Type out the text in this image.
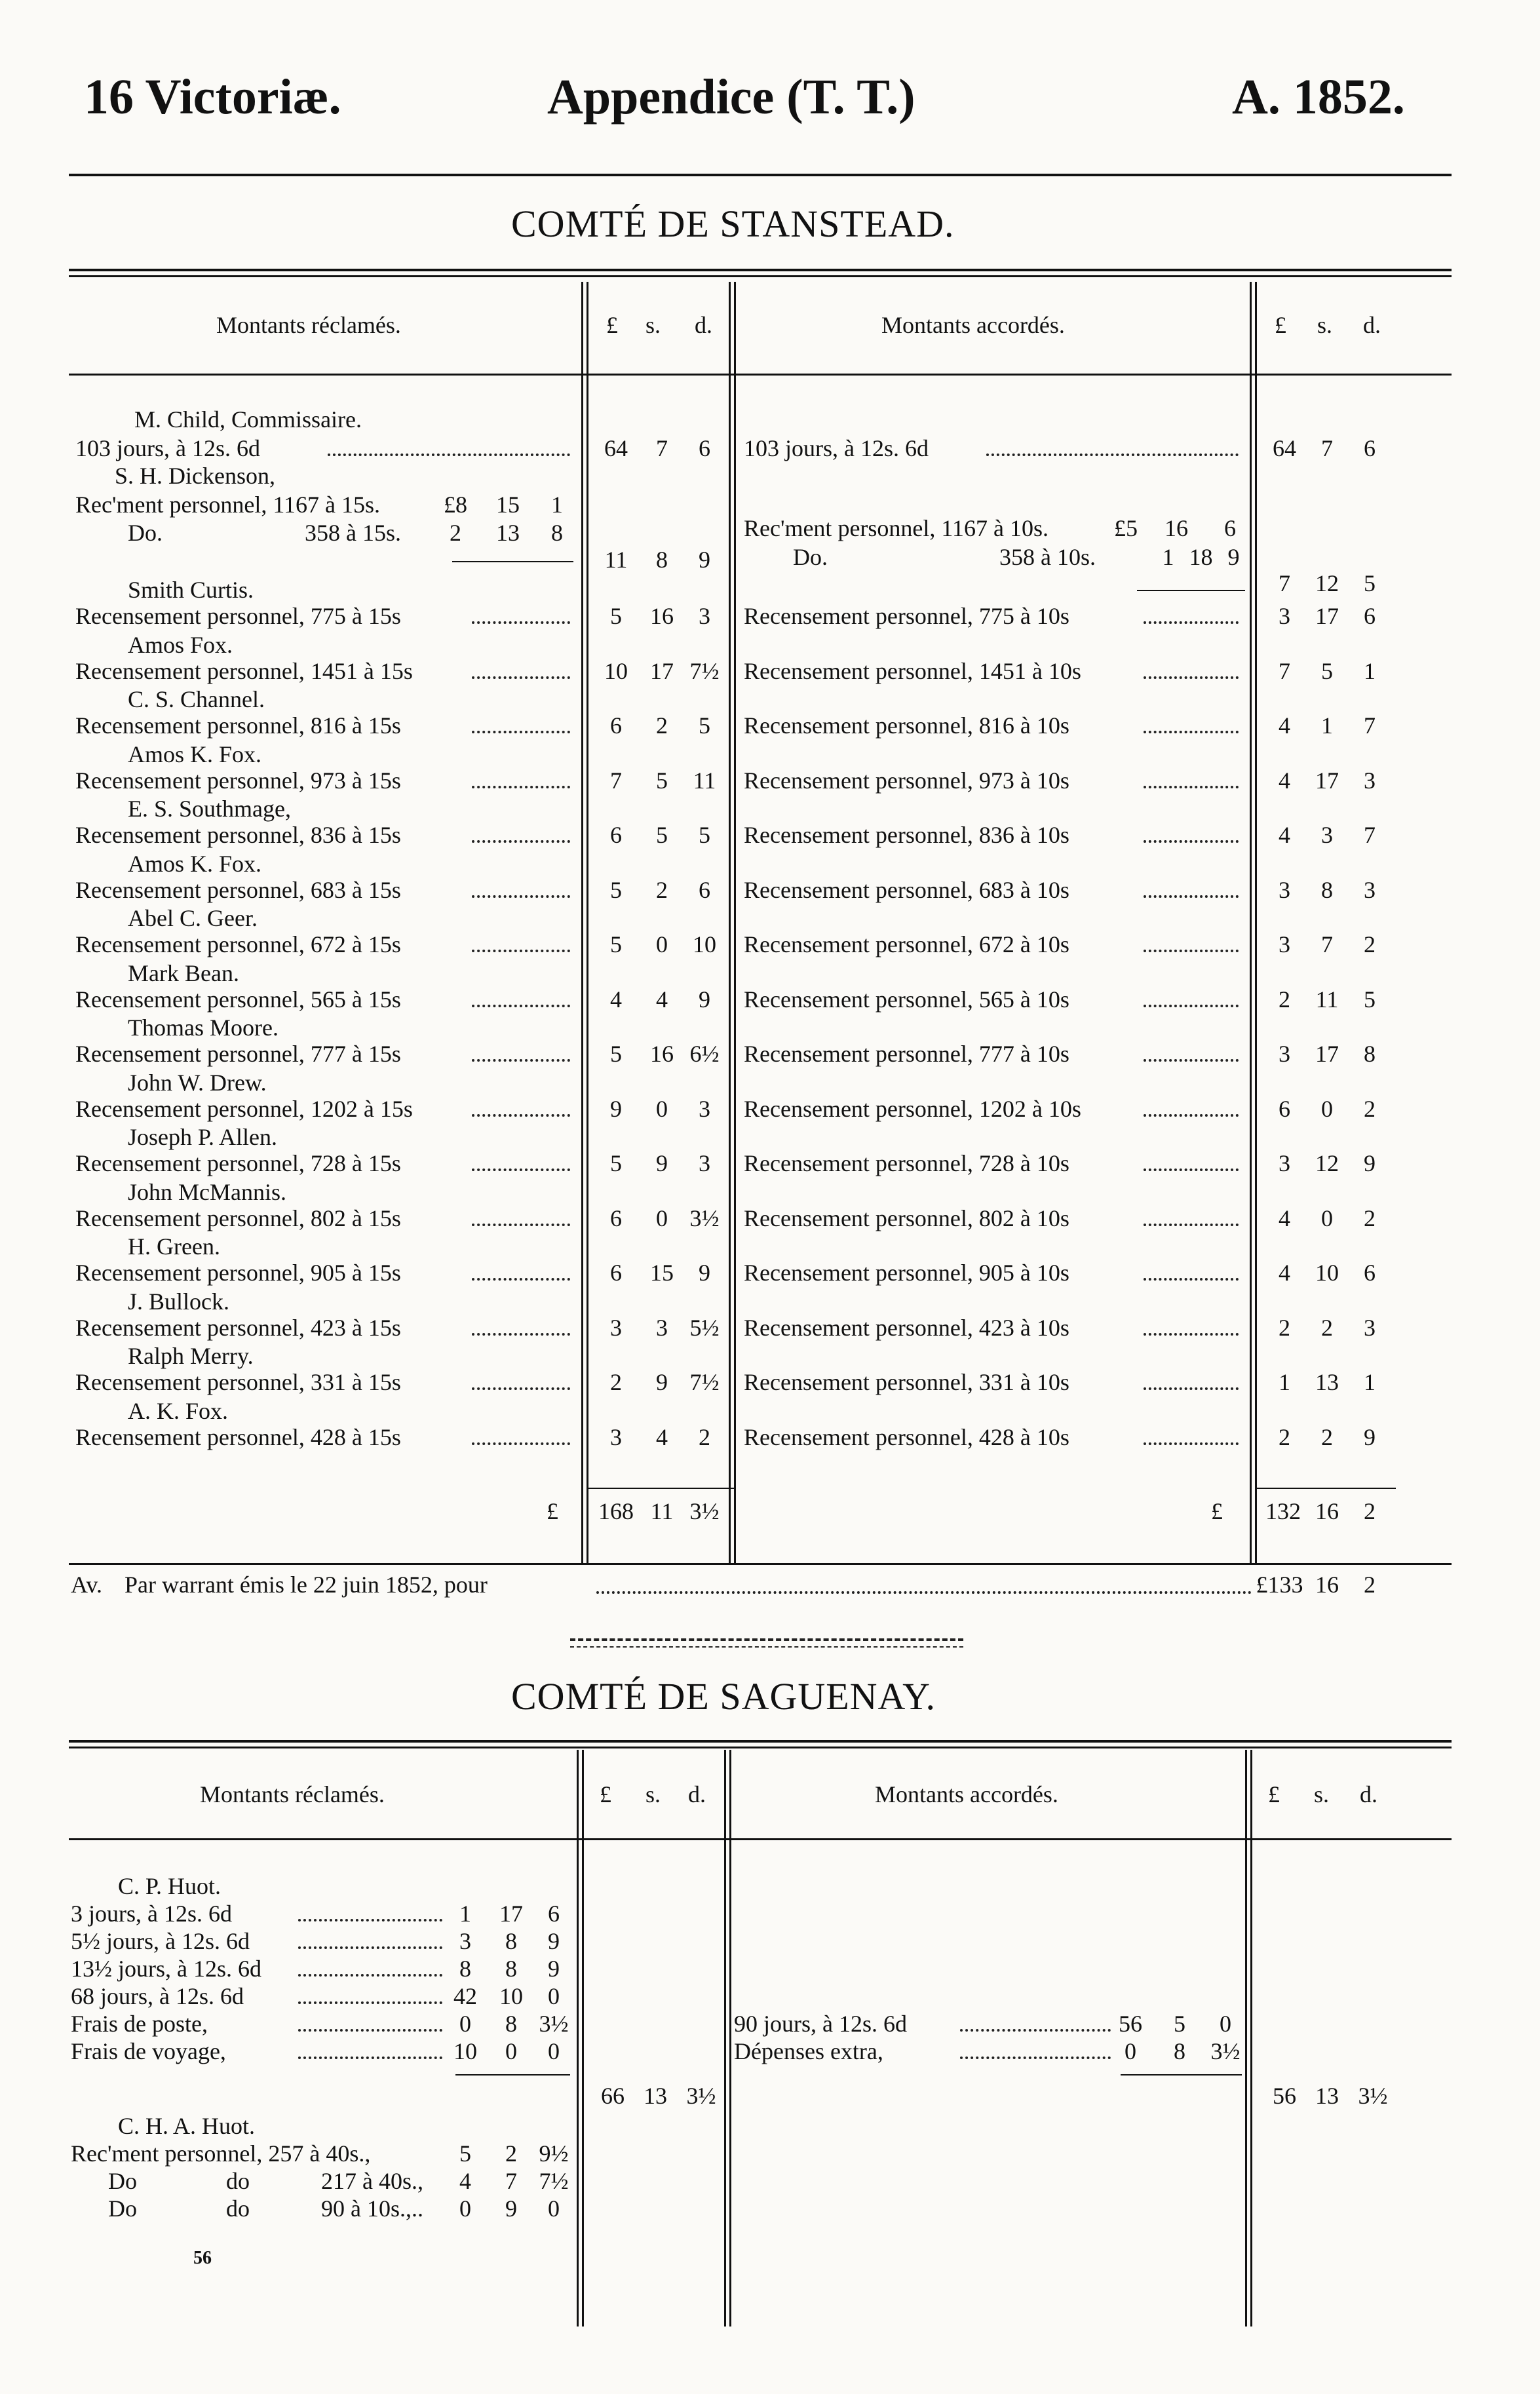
16 Victoriæ.	Appendice (T. T.)	A. 1852.
COMTÉ DE STANSTEAD.
Montants réclamés.	£ s. d.	Montants accordés.	£ s. d.
M. Child, Commissaire.
103 jours, à 12s. 6d	64	7	6	103 jours, à 12s. 6d	64	7	6
S. H. Dickenson,
Rec'ment personnel, 1167 à 15s.	£8	15 1
Do.	358 à 15s. 2 13 8
11	8	9
Rec'ment personnel, 1167 à 10s.	£5	16 6
Do.	358 à 10s.	1 18 9
7	12	5
Smith Curtis.
Recensement personnel, 775 à 15s	5	16	3	Recensement personnel, 775 à 10s	3	17	6
Amos Fox.
Recensement personnel, 1451 à 15s	10 17 7½ Recensement personnel, 1451 à 10s	7	5	1
C. S. Channel.
Recensement personnel, 816 à 15s	6	2	5	Recensement personnel, 816 à 10s	4	1	7
Amos K. Fox.
Recensement personnel, 973 à 15s	7	5	11 Recensement personnel, 973 à 10s	4	17	3
E. S. Southmage,
Recensement personnel, 836 à 15s	6	5	5	Recensement personnel, 836 à 10s	4	3	7
Amos K. Fox.
Recensement personnel, 683 à 15s	5	2	6	Recensement personnel, 683 à 10s	3	8	3
Abel C. Geer.
Recensement personnel, 672 à 15s	5	0	10 Recensement personnel, 672 à 10s	3	7	2
Mark Bean.
Recensement personnel, 565 à 15s	4	4	9	Recensement personnel, 565 à 10s	2	11	5
Thomas Moore.
Recensement personnel, 777 à 15s	5	16 6½ Recensement personnel, 777 à 10s	3	17	8
John W. Drew.
Recensement personnel, 1202 à 15s	9	0	3	Recensement personnel, 1202 à 10s	6	0	2
Joseph P. Allen.
Recensement personnel, 728 à 15s	5	9	3	Recensement personnel, 728 à 10s	3	12	9
John McMannis.
Recensement personnel, 802 à 15s	6	0 3½ Recensement personnel, 802 à 10s	4	0	2
H. Green.
Recensement personnel, 905 à 15s	6	15	9	Recensement personnel, 905 à 10s	4	10	6
J. Bullock.
Recensement personnel, 423 à 15s	3	3 5½ Recensement personnel, 423 à 10s	2	2	3
Ralph Merry.
Recensement personnel, 331 à 15s	2	9 7½ Recensement personnel, 331 à 10s	1	13	1
A. K. Fox.
Recensement personnel, 428 à 15s	3	4	2	Recensement personnel, 428 à 10s	2	2	9
£	168 11 3½	£	132 16	2
Av. Par warrant émis le 22 juin 1852, pour	£133 16	2
COMTÉ DE SAGUENAY.
Montants réclamés.	£ s. d.	Montants accordés.	£ s. d.
C. P. Huot.
3 jours, à 12s. 6d	1	17	6
5½ jours, à 12s. 6d	3	8	9
13½ jours, à 12s. 6d	8	8	9
68 jours, à 12s. 6d	42 10	0
Frais de poste,	0	8 3½
Frais de voyage,	10	0	0
66 13 3½
90 jours, à 12s. 6d	56	5	0
Dépenses extra,	0	8	3½
56 13 3½
C. H. A. Huot.
Rec'ment personnel, 257 à 40s.,	5	2 9½
Do	do	217 à 40s.,	4	7 7½
Do	do	90 à 10s.,..	0	9	0
56
